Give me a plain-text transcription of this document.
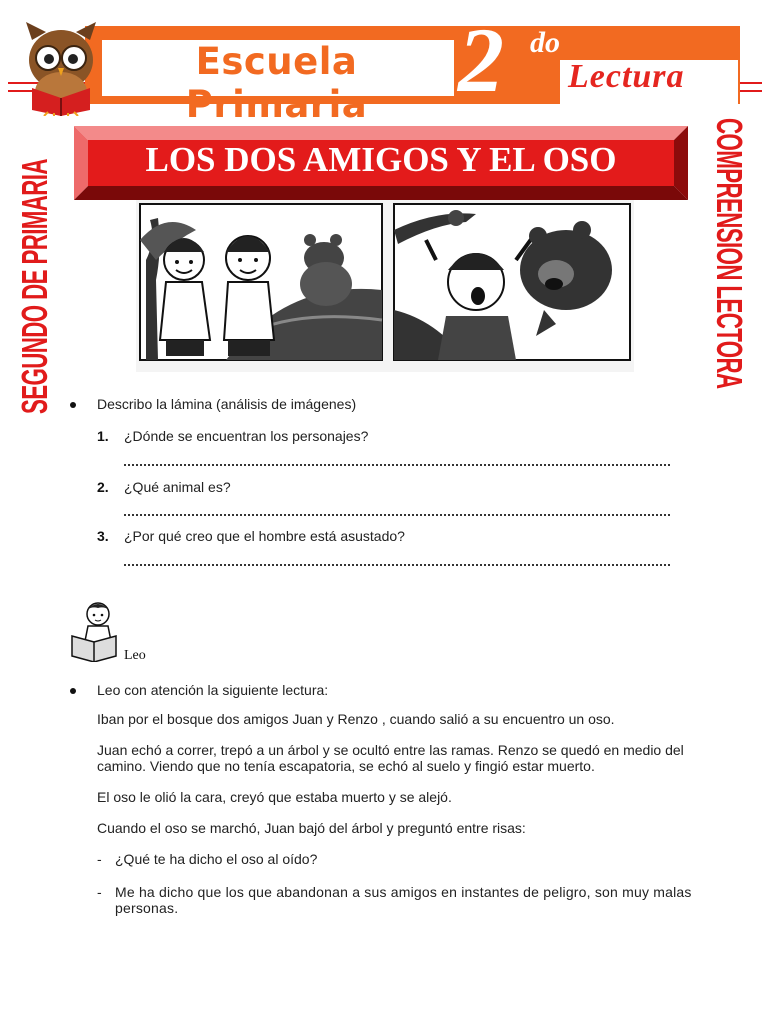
Escuela Primaria 2 do
Lectura
SEGUNDO DE PRIMARIA	COMPRENSION LECTORA
LOS DOS AMIGOS Y EL OSO
Describo la lámina (análisis de imágenes)
1. ¿Dónde se encuentran los personajes?
2. ¿Qué animal es?
3. ¿Por qué creo que el hombre está asustado?
Leo
Leo con atención la siguiente lectura:
Iban por el bosque dos amigos Juan y Renzo , cuando salió a su encuentro un oso.
Juan echó a correr, trepó a un árbol y se ocultó entre las ramas. Renzo se quedó en medio del camino. Viendo que no tenía escapatoria, se echó al suelo y fingió estar muerto.
El oso le olió la cara, creyó que estaba muerto y se alejó.
Cuando el oso se marchó, Juan bajó del árbol y preguntó entre risas:
- ¿Qué te ha dicho el oso al oído?
- Me ha dicho que los que abandonan a sus amigos en instantes de peligro, son muy malas personas.
